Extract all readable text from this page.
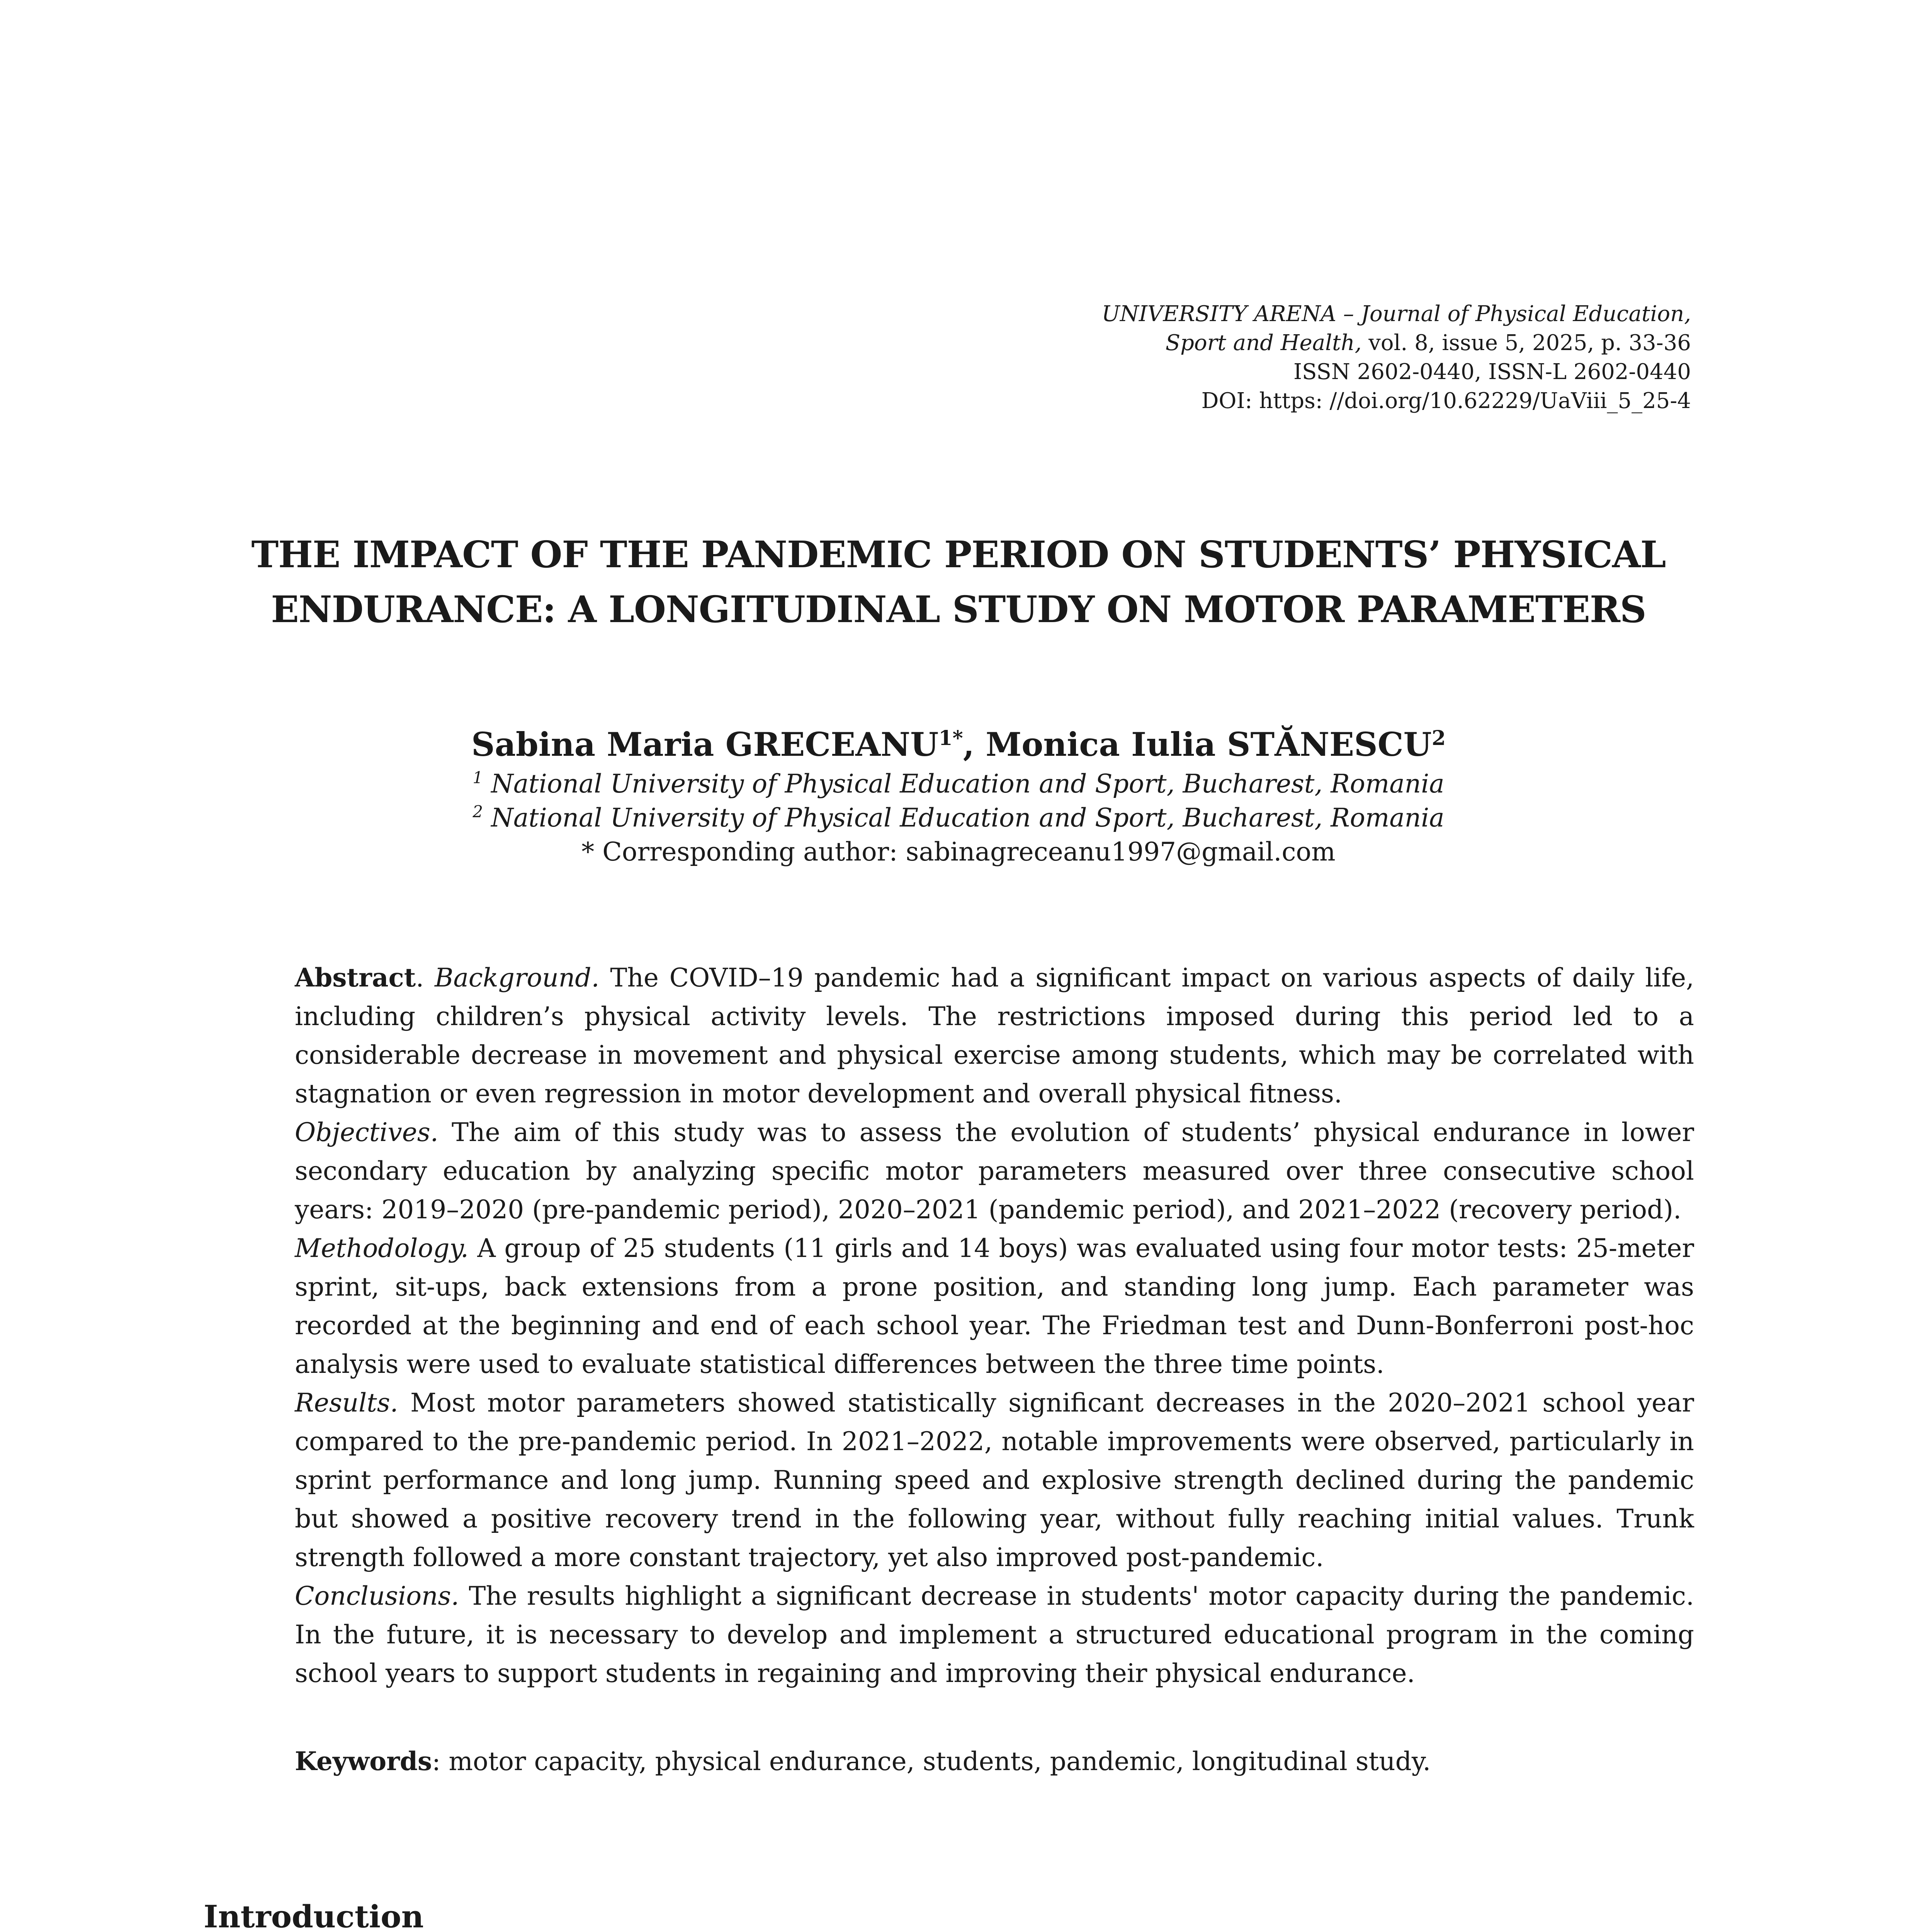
UNIVERSITY ARENA – Journal of Physical Education,
Sport and Health, vol. 8, issue 5, 2025, p. 33-36
ISSN 2602-0440, ISSN-L 2602-0440
DOI: https: //doi.org/10.62229/UaViii_5_25-4
THE IMPACT OF THE PANDEMIC PERIOD ON STUDENTS’ PHYSICAL
ENDURANCE: A LONGITUDINAL STUDY ON MOTOR PARAMETERS
Sabina Maria $GRECEANU^{1*}$, Monica Iulia STĂNESCU$^2$
$^1$ National University of Physical Education and Sport, Bucharest, Romania
$^2$ National University of Physical Education and Sport, Bucharest, Romania
* Corresponding author: sabinagreceanu1997@gmail.com

Abstract. Background. The COVID–19 pandemic had a significant impact on various aspects of daily life, including children’s physical activity levels. The restrictions imposed during this period led to a considerable decrease in movement and physical exercise among students, which may be correlated with stagnation or even regression in motor development and overall physical fitness.

Objectives. The aim of this study was to assess the evolution of students’ physical endurance in lower secondary education by analyzing specific motor parameters measured over three consecutive school years: 2019–2020 (pre-pandemic period), 2020–2021 (pandemic period), and 2021–2022 (recovery period).

Methodology. A group of 25 students (11 girls and 14 boys) was evaluated using four motor tests: 25-meter sprint, sit-ups, back extensions from a prone position, and standing long jump. Each parameter was recorded at the beginning and end of each school year. The Friedman test and Dunn-Bonferroni post-hoc analysis were used to evaluate statistical differences between the three time points.

Results. Most motor parameters showed statistically significant decreases in the 2020–2021 school year compared to the pre-pandemic period. In 2021–2022, notable improvements were observed, particularly in sprint performance and long jump. Running speed and explosive strength declined during the pandemic but showed a positive recovery trend in the following year, without fully reaching initial values. Trunk strength followed a more constant trajectory, yet also improved post-pandemic.

Conclusions. The results highlight a significant decrease in students' motor capacity during the pandemic. In the future, it is necessary to develop and implement a structured educational program in the coming school years to support students in regaining and improving their physical endurance.

Keywords: motor capacity, physical endurance, students, pandemic, longitudinal study.
Introduction
